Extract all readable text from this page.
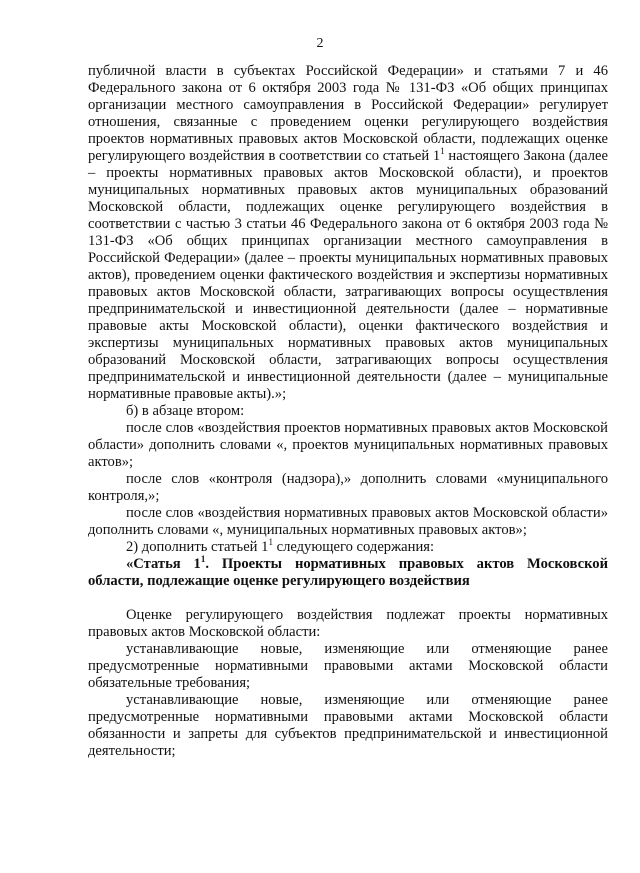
2

публичной власти в субъектах Российской Федерации» и статьями 7 и 46 Федерального закона от 6 октября 2003 года № 131-ФЗ «Об общих принципах организации местного самоуправления в Российской Федерации» регулирует отношения, связанные с проведением оценки регулирующего воздействия проектов нормативных правовых актов Московской области, подлежащих оценке регулирующего воздействия в соответствии со статьей $1^1$ настоящего Закона (далее – проекты нормативных правовых актов Московской области), и проектов муниципальных нормативных правовых актов муниципальных образований Московской области, подлежащих оценке регулирующего воздействия в соответствии с частью 3 статьи 46 Федерального закона от 6 октября 2003 года № 131-ФЗ «Об общих принципах организации местного самоуправления в Российской Федерации» (далее – проекты муниципальных нормативных правовых актов), проведением оценки фактического воздействия и экспертизы нормативных правовых актов Московской области, затрагивающих вопросы осуществления предпринимательской и инвестиционной деятельности (далее – нормативные правовые акты Московской области), оценки фактического воздействия и экспертизы муниципальных нормативных правовых актов муниципальных образований Московской области, затрагивающих вопросы осуществления предпринимательской и инвестиционной деятельности (далее – муниципальные нормативные правовые акты).»;

б) в абзаце втором:

после слов «воздействия проектов нормативных правовых актов Московской области» дополнить словами «, проектов муниципальных нормативных правовых актов»;

после слов «контроля (надзора),» дополнить словами «муниципального контроля,»;

после слов «воздействия нормативных правовых актов Московской области» дополнить словами «, муниципальных нормативных правовых актов»;

2) дополнить статьей $1^1$ следующего содержания:

«Статья $1^1$. Проекты нормативных правовых актов Московской области, подлежащие оценке регулирующего воздействия

Оценке регулирующего воздействия подлежат проекты нормативных правовых актов Московской области:

устанавливающие новые, изменяющие или отменяющие ранее предусмотренные нормативными правовыми актами Московской области обязательные требования;

устанавливающие новые, изменяющие или отменяющие ранее предусмотренные нормативными правовыми актами Московской области обязанности и запреты для субъектов предпринимательской и инвестиционной деятельности;
